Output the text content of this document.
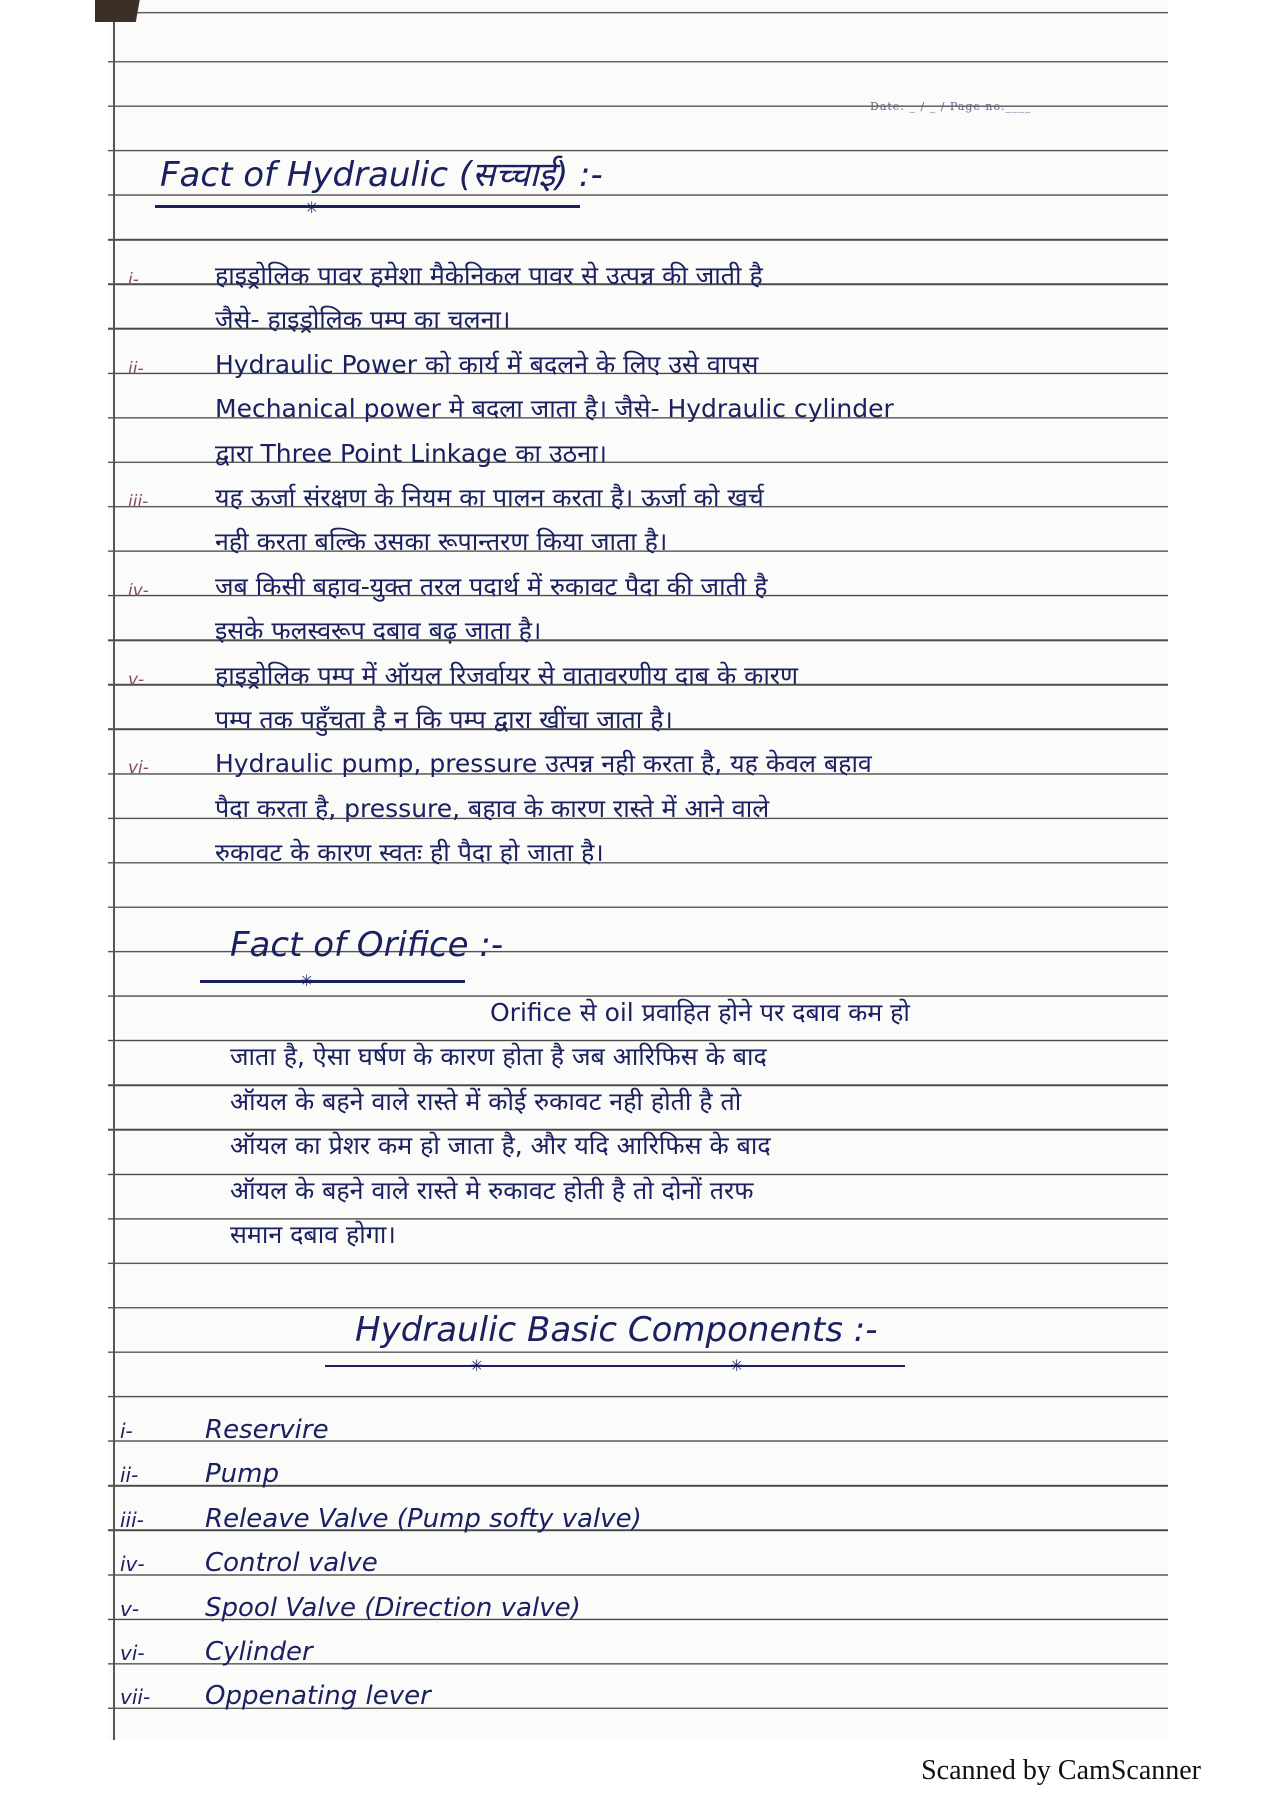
Date: _ / _ / Page no.____
Fact of Hydraulic (सच्चाई) :-
✳
i-	हाइड्रोलिक पावर हमेशा मैकेनिकल पावर से उत्पन्न की जाती है
जैसे- हाइड्रोलिक पम्प का चलना।
ii-	Hydraulic Power को कार्य में बदलने के लिए उसे वापस
Mechanical power मे बदला जाता है। जैसे- Hydraulic cylinder
द्वारा Three Point Linkage का उठना।
iii-	यह ऊर्जा संरक्षण के नियम का पालन करता है। ऊर्जा को खर्च
नही करता बल्कि उसका रूपान्तरण किया जाता है।
iv-	जब किसी बहाव-युक्त तरल पदार्थ में रुकावट पैदा की जाती है
इसके फलस्वरूप दबाव बढ़ जाता है।
v-	हाइड्रोलिक पम्प में ऑयल रिजर्वायर से वातावरणीय दाब के कारण
पम्प तक पहुँचता है न कि पम्प द्वारा खींचा जाता है।
vi-	Hydraulic pump, pressure उत्पन्न नही करता है, यह केवल बहाव
पैदा करता है, pressure, बहाव के कारण रास्ते में आने वाले
रुकावट के कारण स्वतः ही पैदा हो जाता है।
Fact of Orifice :-
✳
Orifice से oil प्रवाहित होने पर दबाव कम हो
जाता है, ऐसा घर्षण के कारण होता है जब आरिफिस के बाद
ऑयल के बहने वाले रास्ते में कोई रुकावट नही होती है तो
ऑयल का प्रेशर कम हो जाता है, और यदि आरिफिस के बाद
ऑयल के बहने वाले रास्ते मे रुकावट होती है तो दोनों तरफ
समान दबाव होगा।
Hydraulic Basic Components :-
✳	✳
i-	Reservire
ii-	Pump
iii- Releave Valve (Pump softy valve)
iv- Control valve
v-	Spool Valve (Direction valve)
vi- Cylinder
vii- Oppenating lever
Scanned by CamScanner
